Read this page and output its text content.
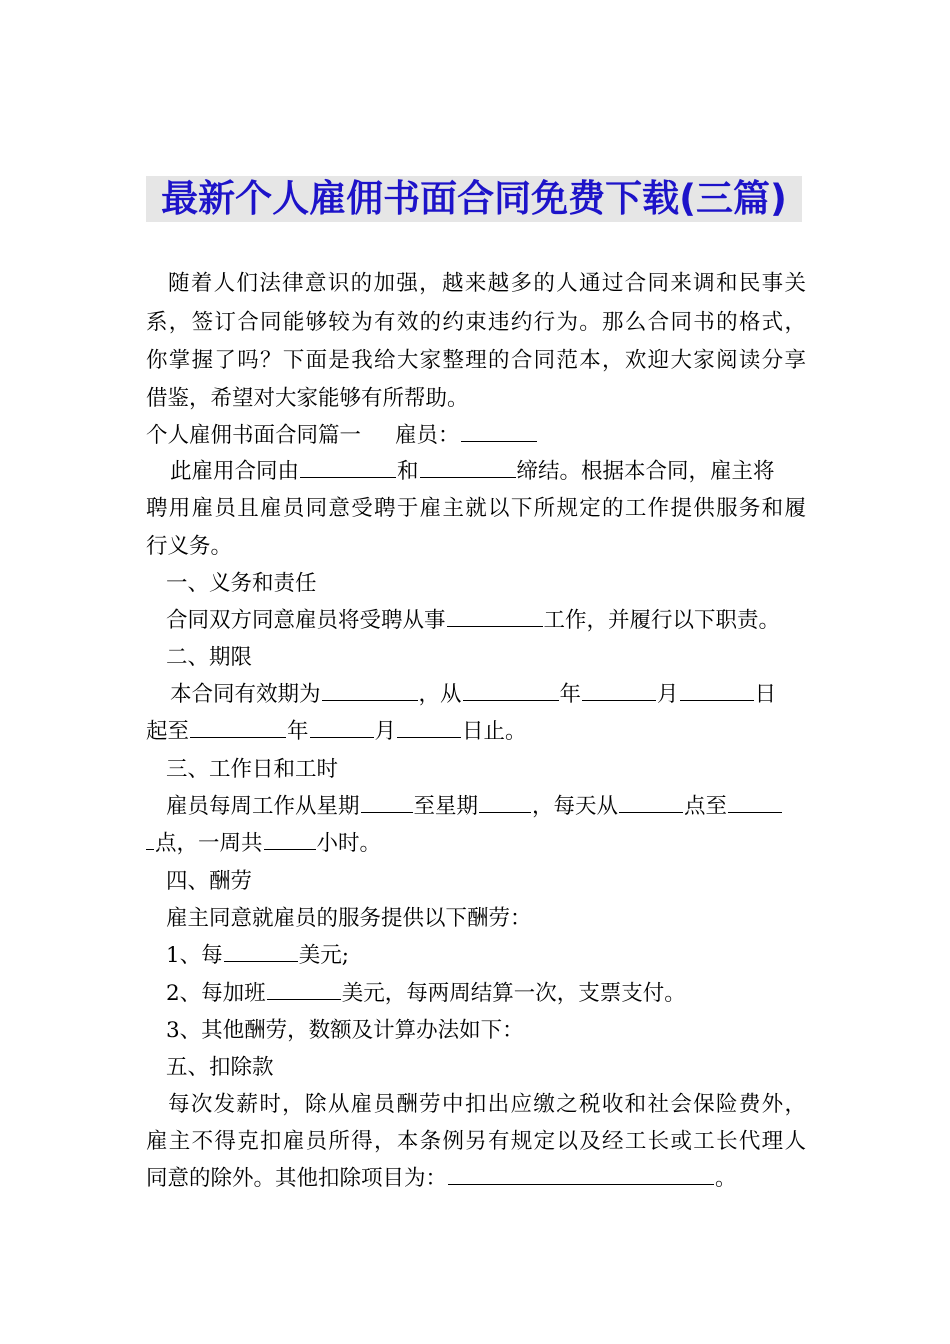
最新个人雇佣书面合同免费下载(三篇)
随着人们法律意识的加强，越来越多的人通过合同来调和民事关
系，签订合同能够较为有效的约束违约行为。那么合同书的格式，
你掌握了吗？下面是我给大家整理的合同范本，欢迎大家阅读分享
借鉴，希望对大家能够有所帮助。
个人雇佣书面合同篇一 雇员：
此雇用合同由	和	缔结。根据本合同，雇主将
聘用雇员且雇员同意受聘于雇主就以下所规定的工作提供服务和履
行义务。
一、义务和责任
合同双方同意雇员将受聘从事	工作，并履行以下职责。
二、期限
本合同有效期为	，从	年	月	日
起至	年	月	日止。
三、工作日和工时
雇员每周工作从星期	至星期	，每天从	点至
点，一周共	小时。
四、酬劳
雇主同意就雇员的服务提供以下酬劳：
1、每	美元;
2、每加班	美元，每两周结算一次，支票支付。
3、其他酬劳，数额及计算办法如下：
五、扣除款
每次发薪时，除从雇员酬劳中扣出应缴之税收和社会保险费外，
雇主不得克扣雇员所得，本条例另有规定以及经工长或工长代理人
同意的除外。其他扣除项目为：	。
